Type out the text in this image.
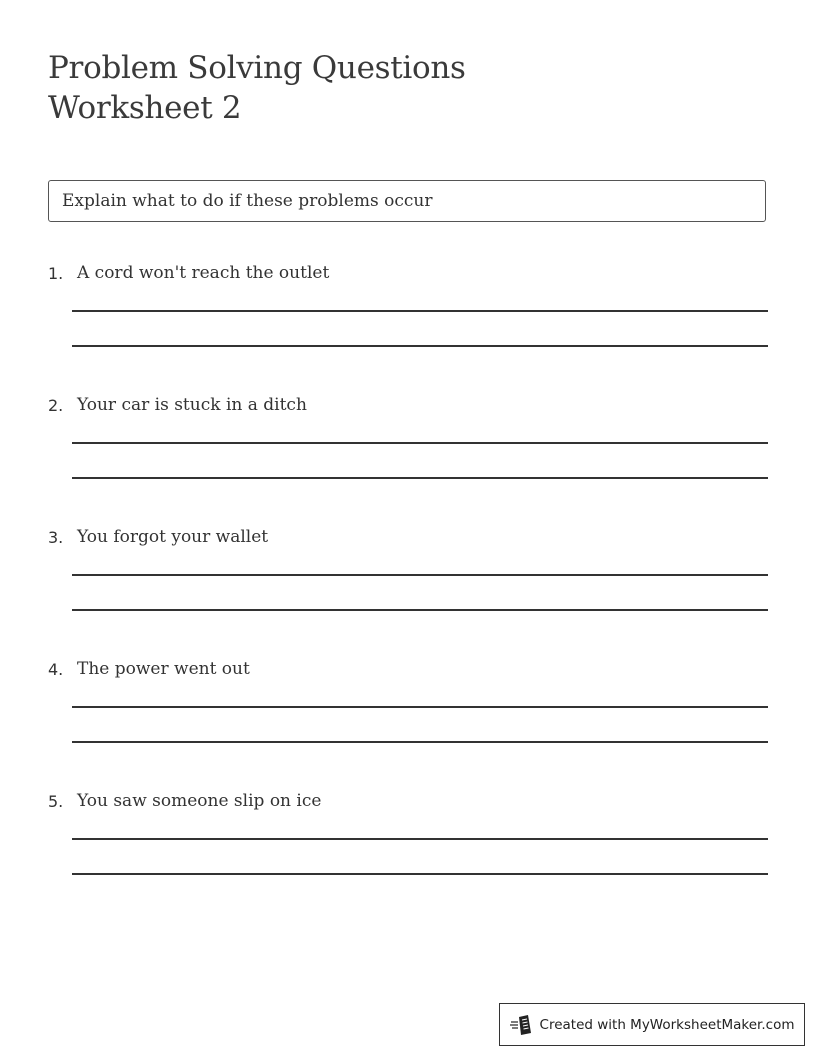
Problem Solving Questions
Worksheet 2
Explain what to do if these problems occur
1. A cord won't reach the outlet
2. Your car is stuck in a ditch
3. You forgot your wallet
4. The power went out
5. You saw someone slip on ice
Created with MyWorksheetMaker.com
